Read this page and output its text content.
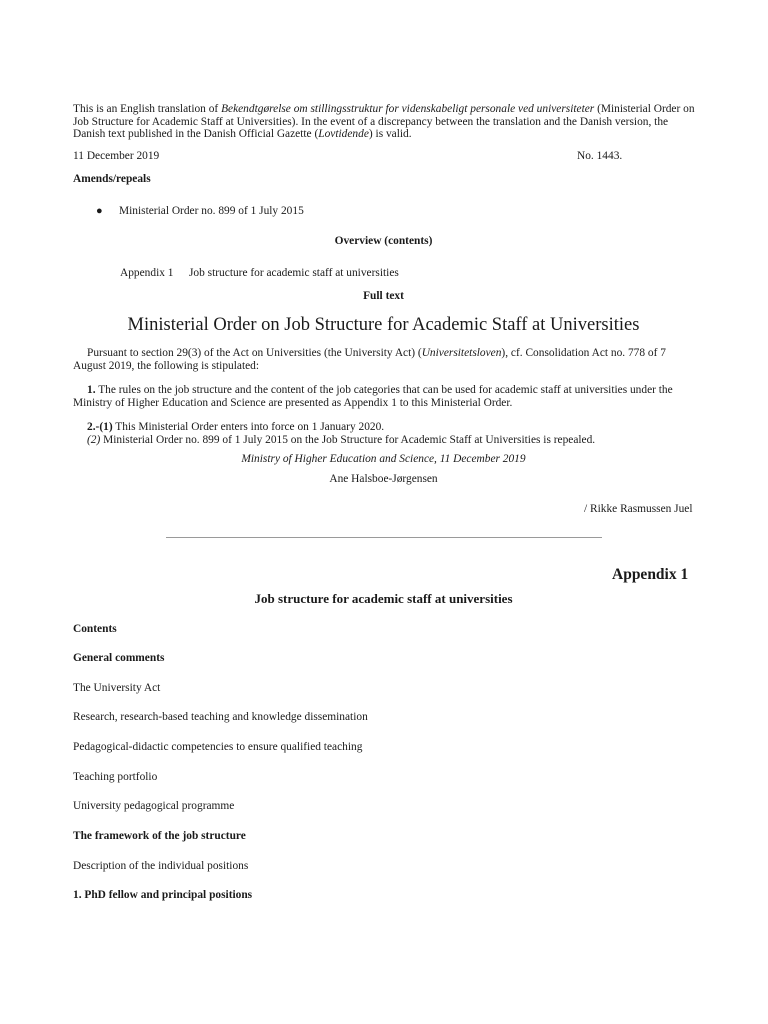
This is an English translation of Bekendtgørelse om stillingsstruktur for videnskabeligt personale ved universiteter (Ministerial Order on Job Structure for Academic Staff at Universities). In the event of a discrepancy between the translation and the Danish version, the Danish text published in the Danish Official Gazette (Lovtidende) is valid.
11 December 2019	No. 1443.
Amends/repeals
● Ministerial Order no. 899 of 1 July 2015
Overview (contents)
Appendix 1 Job structure for academic staff at universities
Full text
Ministerial Order on Job Structure for Academic Staff at Universities
Pursuant to section 29(3) of the Act on Universities (the University Act) (Universitetsloven), cf. Consolidation Act no. 778 of 7 August 2019, the following is stipulated:
1. The rules on the job structure and the content of the job categories that can be used for academic staff at universities under the Ministry of Higher Education and Science are presented as Appendix 1 to this Ministerial Order.
2.-(1) This Ministerial Order enters into force on 1 January 2020.
(2) Ministerial Order no. 899 of 1 July 2015 on the Job Structure for Academic Staff at Universities is repealed.
Ministry of Higher Education and Science, 11 December 2019
Ane Halsboe-Jørgensen
/ Rikke Rasmussen Juel
Appendix 1
Job structure for academic staff at universities
Contents
General comments
The University Act
Research, research-based teaching and knowledge dissemination
Pedagogical-didactic competencies to ensure qualified teaching
Teaching portfolio
University pedagogical programme
The framework of the job structure
Description of the individual positions
1. PhD fellow and principal positions
